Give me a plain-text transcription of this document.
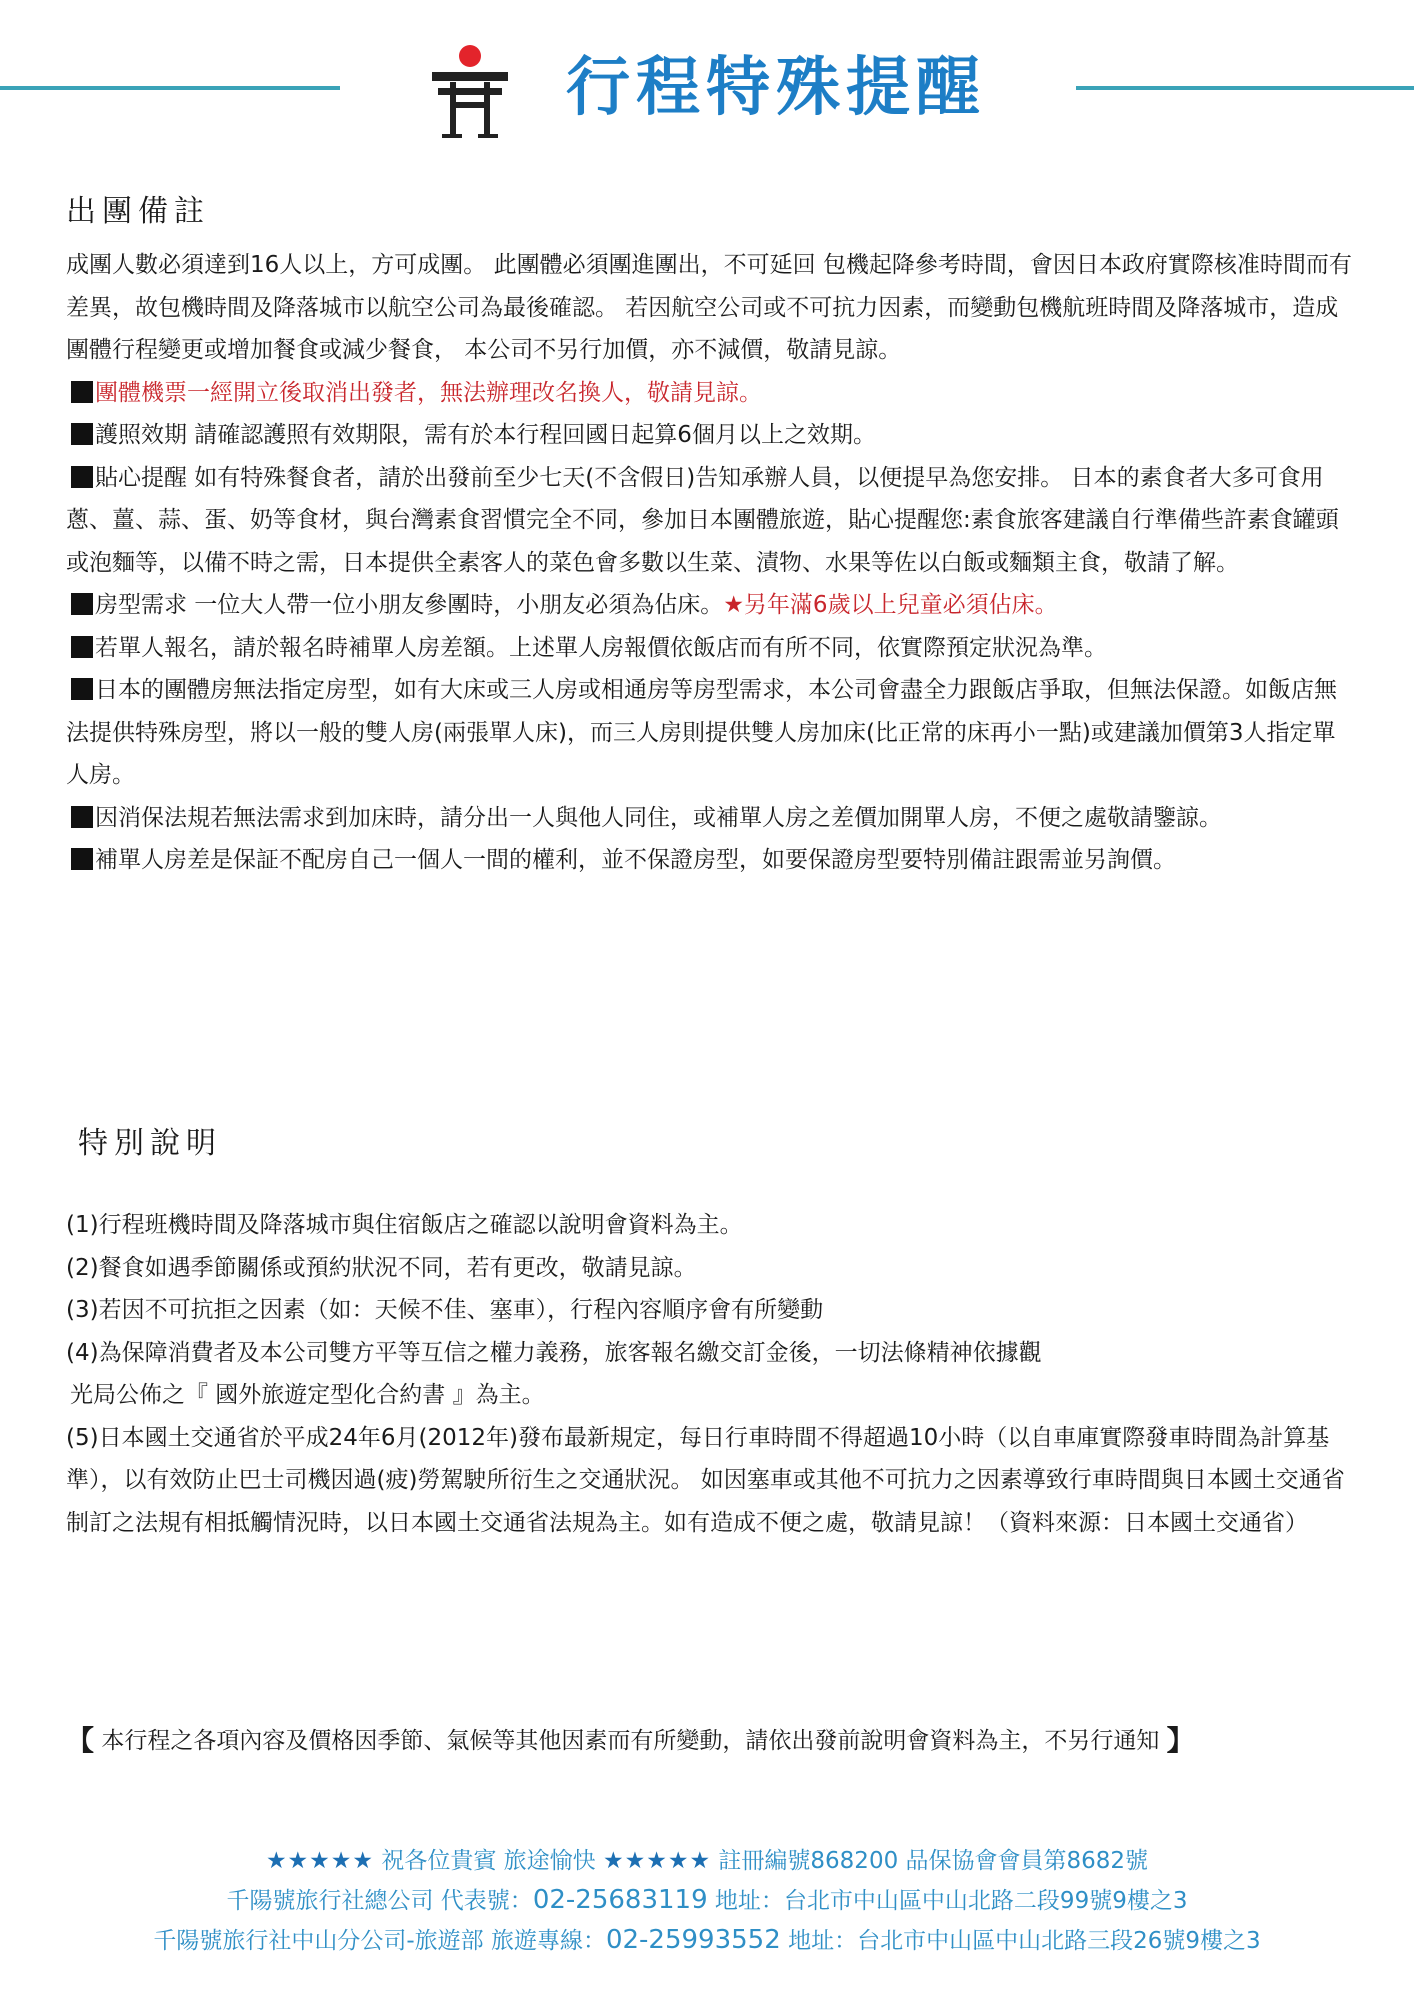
行程特殊提醒
出團備註

成團人數必須達到16人以上，方可成團。 此團體必須團進團出，不可延回 包機起降參考時間，會因日本政府實際核准時間而有差異，故包機時間及降落城市以航空公司為最後確認。 若因航空公司或不可抗力因素，而變動包機航班時間及降落城市，造成團體行程變更或增加餐食或減少餐食， 本公司不另行加價，亦不減價，敬請見諒。

團體機票一經開立後取消出發者，無法辦理改名換人，敬請見諒。

護照效期 請確認護照有效期限，需有於本行程回國日起算6個月以上之效期。

貼心提醒 如有特殊餐食者，請於出發前至少七天(不含假日)告知承辦人員，以便提早為您安排。 日本的素食者大多可食用蔥、薑、蒜、蛋、奶等食材，與台灣素食習慣完全不同，參加日本團體旅遊，貼心提醒您:素食旅客建議自行準備些許素食罐頭或泡麵等，以備不時之需，日本提供全素客人的菜色會多數以生菜、漬物、水果等佐以白飯或麵類主食，敬請了解。

房型需求 一位大人帶一位小朋友參團時，小朋友必須為佔床。★另年滿6歲以上兒童必須佔床。

若單人報名，請於報名時補單人房差額。上述單人房報價依飯店而有所不同，依實際預定狀況為準。

日本的團體房無法指定房型，如有大床或三人房或相通房等房型需求，本公司會盡全力跟飯店爭取，但無法保證。如飯店無法提供特殊房型，將以一般的雙人房(兩張單人床)，而三人房則提供雙人房加床(比正常的床再小一點)或建議加價第3人指定單人房。

因消保法規若無法需求到加床時，請分出一人與他人同住，或補單人房之差價加開單人房，不便之處敬請鑒諒。

補單人房差是保証不配房自己一個人一間的權利，並不保證房型，如要保證房型要特別備註跟需並另詢價。

特別說明

(1)行程班機時間及降落城市與住宿飯店之確認以說明會資料為主。

(2)餐食如遇季節關係或預約狀況不同，若有更改，敬請見諒。

(3)若因不可抗拒之因素（如：天候不佳、塞車），行程內容順序會有所變動

(4)為保障消費者及本公司雙方平等互信之權力義務，旅客報名繳交訂金後，一切法條精神依據觀

光局公佈之『 國外旅遊定型化合約書 』為主。

(5)日本國土交通省於平成24年6月(2012年)發布最新規定，每日行車時間不得超過10小時（以自車庫實際發車時間為計算基準），以有效防止巴士司機因過(疲)勞駕駛所衍生之交通狀況。 如因塞車或其他不可抗力之因素導致行車時間與日本國土交通省制訂之法規有相抵觸情況時，以日本國土交通省法規為主。如有造成不便之處，敬請見諒！（資料來源：日本國土交通省）

【 本行程之各項內容及價格因季節、氣候等其他因素而有所變動，請依出發前說明會資料為主，不另行通知 】

★★★★★ 祝各位貴賓 旅途愉快 ★★★★★ 註冊編號868200 品保協會會員第8682號

千陽號旅行社總公司 代表號：02-25683119 地址：台北市中山區中山北路二段99號9樓之3

千陽號旅行社中山分公司-旅遊部 旅遊專線：02-25993552 地址：台北市中山區中山北路三段26號9樓之3
